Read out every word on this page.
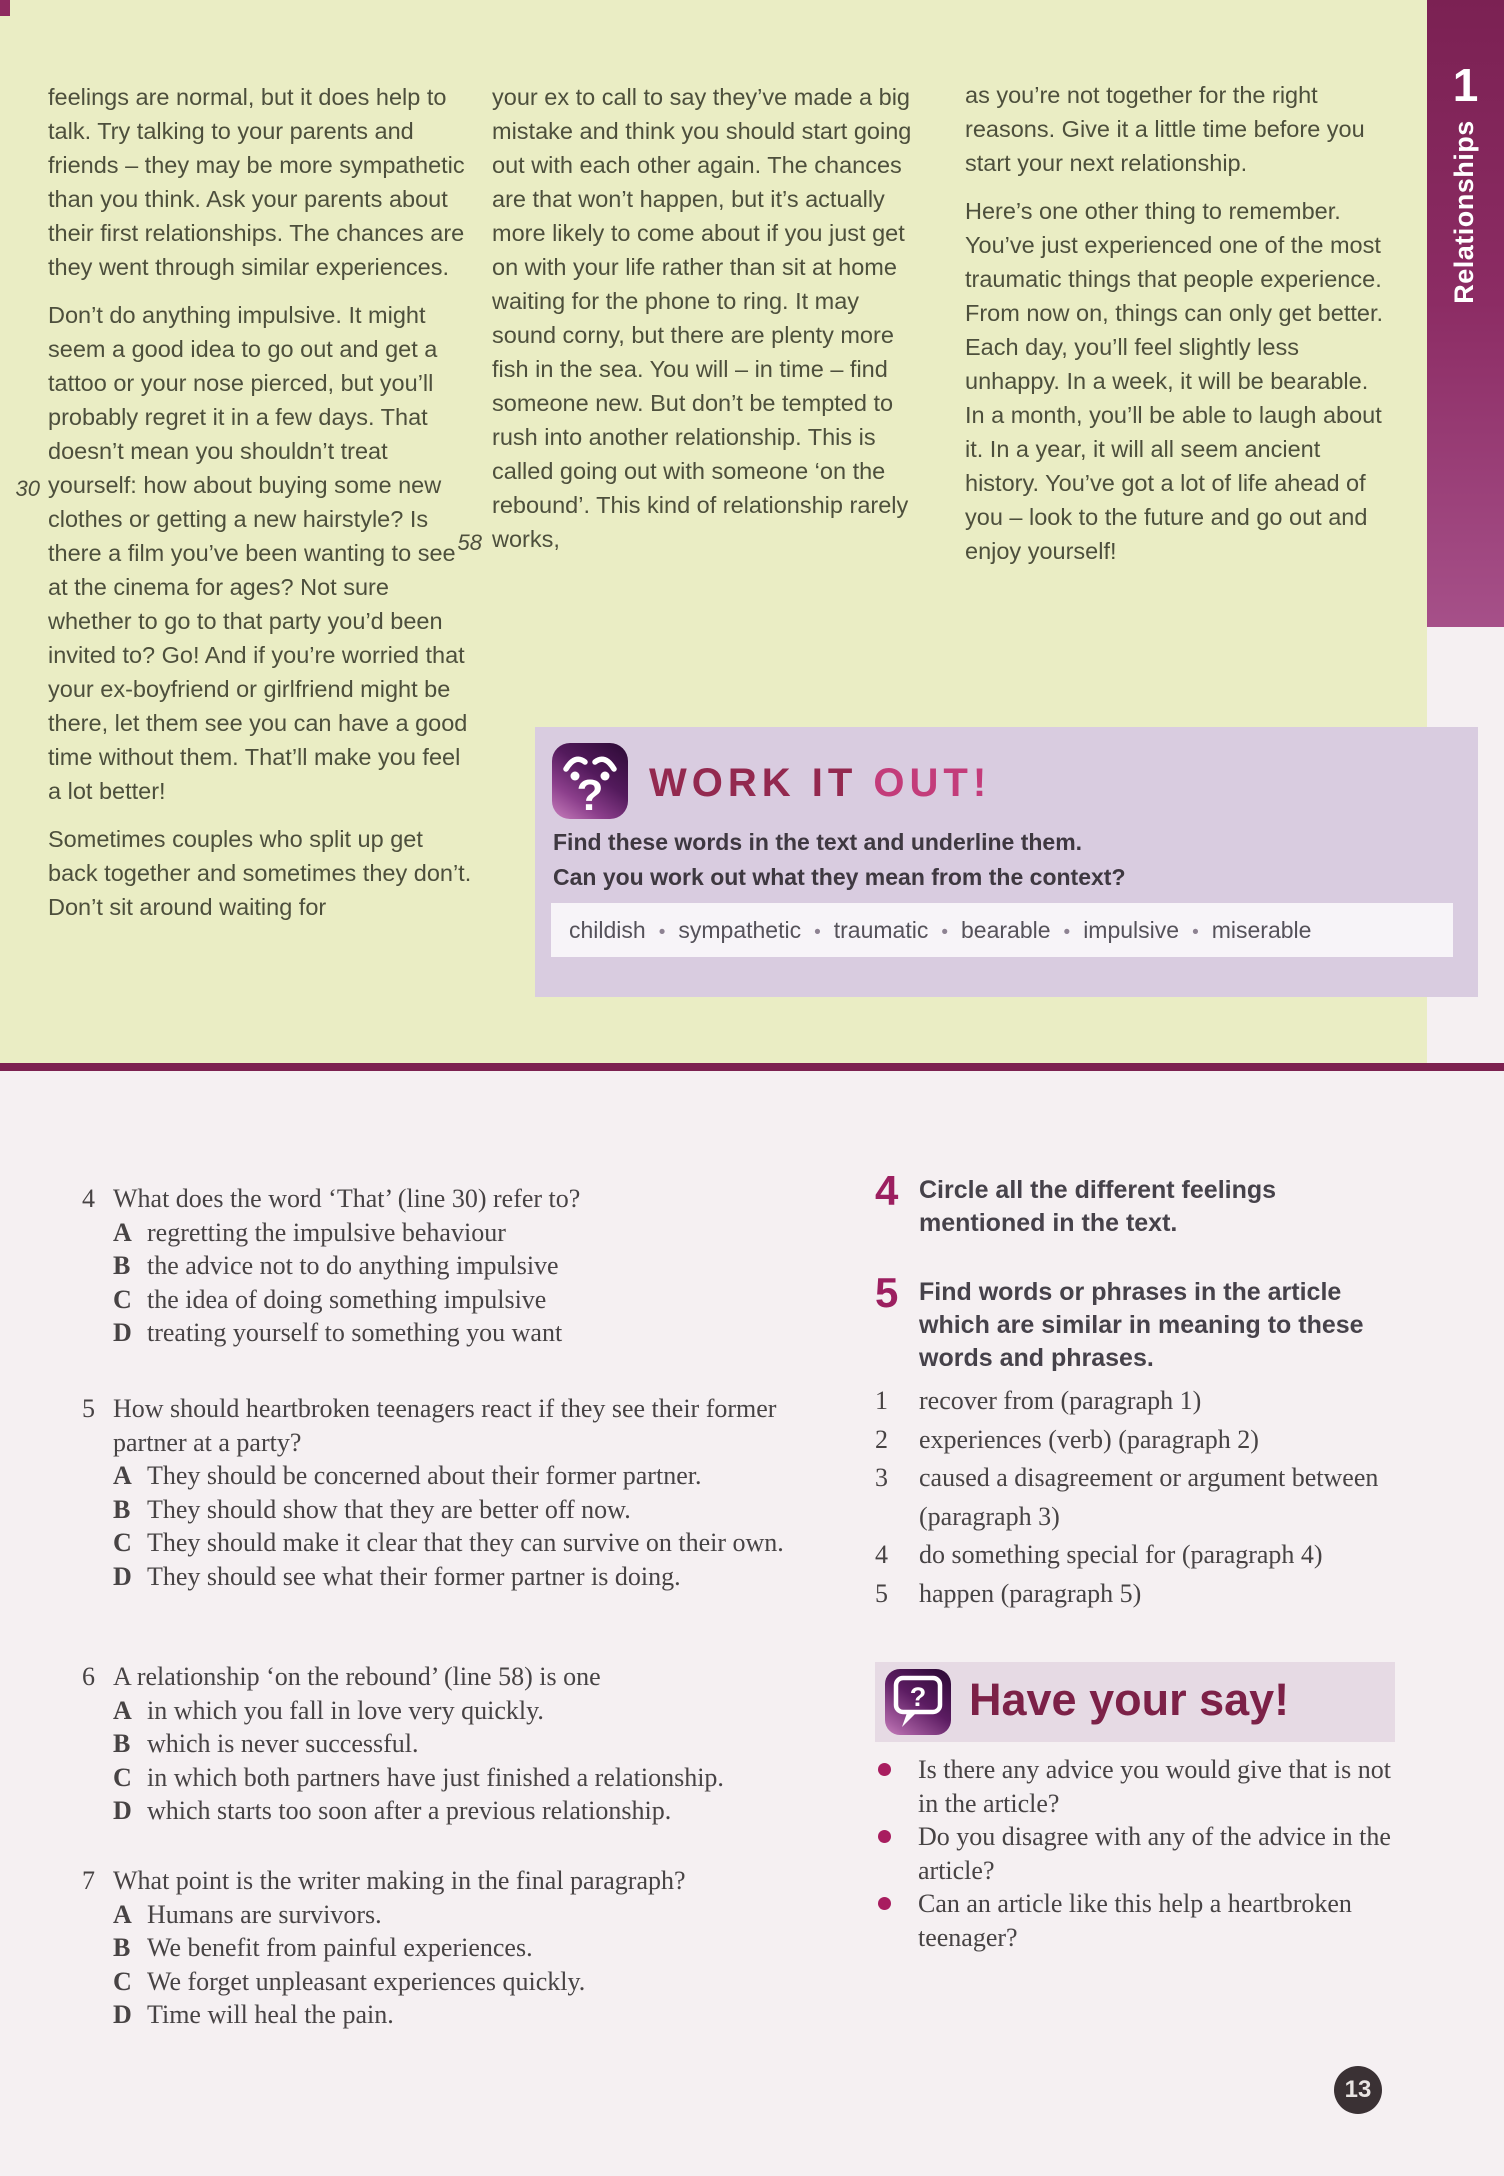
feelings are normal, but it does help to talk. Try talking to your parents and friends – they may be more sympathetic than you think. Ask your parents about their first relationships. The chances are they went through similar experiences.

Don’t do anything impulsive. It might seem a good idea to go out and get a tattoo or your nose pierced, but you’ll probably regret it in a few days. That doesn’t mean you shouldn’t treat yourself: how about buying some new clothes or getting a new hairstyle? Is there a film you’ve been wanting to see at the cinema for ages? Not sure whether to go to that party you’d been invited to? Go! And if you’re worried that your ex-boyfriend or girlfriend might be there, let them see you can have a good time without them. That’ll make you feel a lot better!

Sometimes couples who split up get back together and sometimes they don’t. Don’t sit around waiting for

your ex to call to say they’ve made a big mistake and think you should start going out with each other again. The chances are that won’t happen, but it’s actually more likely to come about if you just get on with your life rather than sit at home waiting for the phone to ring. It may sound corny, but there are plenty more fish in the sea. You will – in time – find someone new. But don’t be tempted to rush into another relationship. This is called going out with someone ‘on the rebound’. This kind of relationship rarely works,

as you’re not together for the right reasons. Give it a little time before you start your next relationship.

Here’s one other thing to remember. You’ve just experienced one of the most traumatic things that people experience. From now on, things can only get better. Each day, you’ll feel slightly less unhappy. In a week, it will be bearable. In a month, you’ll be able to laugh about it. In a year, it will all seem ancient history. You’ve got a lot of life ahead of you – look to the future and go out and enjoy yourself!

30
58
? WORK IT OUT!
Find these words in the text and underline them.
Can you work out what they mean from the context?
childish •	sympathetic •	traumatic •	bearable •	impulsive •	miserable
1
Relationships
4 What does the word ‘That’ (line 30) refer to?
A regretting the impulsive behaviour
B the advice not to do anything impulsive
C the idea of doing something impulsive
D treating yourself to something you want
5 How should heartbroken teenagers react if they see their former partner at a party?
A They should be concerned about their former partner.
B They should show that they are better off now.
C They should make it clear that they can survive on their own.
D They should see what their former partner is doing.
6 A relationship ‘on the rebound’ (line 58) is one
A in which you fall in love very quickly.
B which is never successful.
C in which both partners have just finished a relationship.
D which starts too soon after a previous relationship.
7 What point is the writer making in the final paragraph?
A Humans are survivors.
B We benefit from painful experiences.
C We forget unpleasant experiences quickly.
D Time will heal the pain.
4 Circle all the different feelings mentioned in the text.
5 Find words or phrases in the article which are similar in meaning to these words and phrases.
1	recover from (paragraph 1)
2	experiences (verb) (paragraph 2)
3	caused a disagreement or argument between (paragraph 3)
4	do something special for (paragraph 4)
5	happen (paragraph 5)
? Have your say!
Is there any advice you would give that is not in the article?
Do you disagree with any of the advice in the article?
Can an article like this help a heartbroken teenager?
13
